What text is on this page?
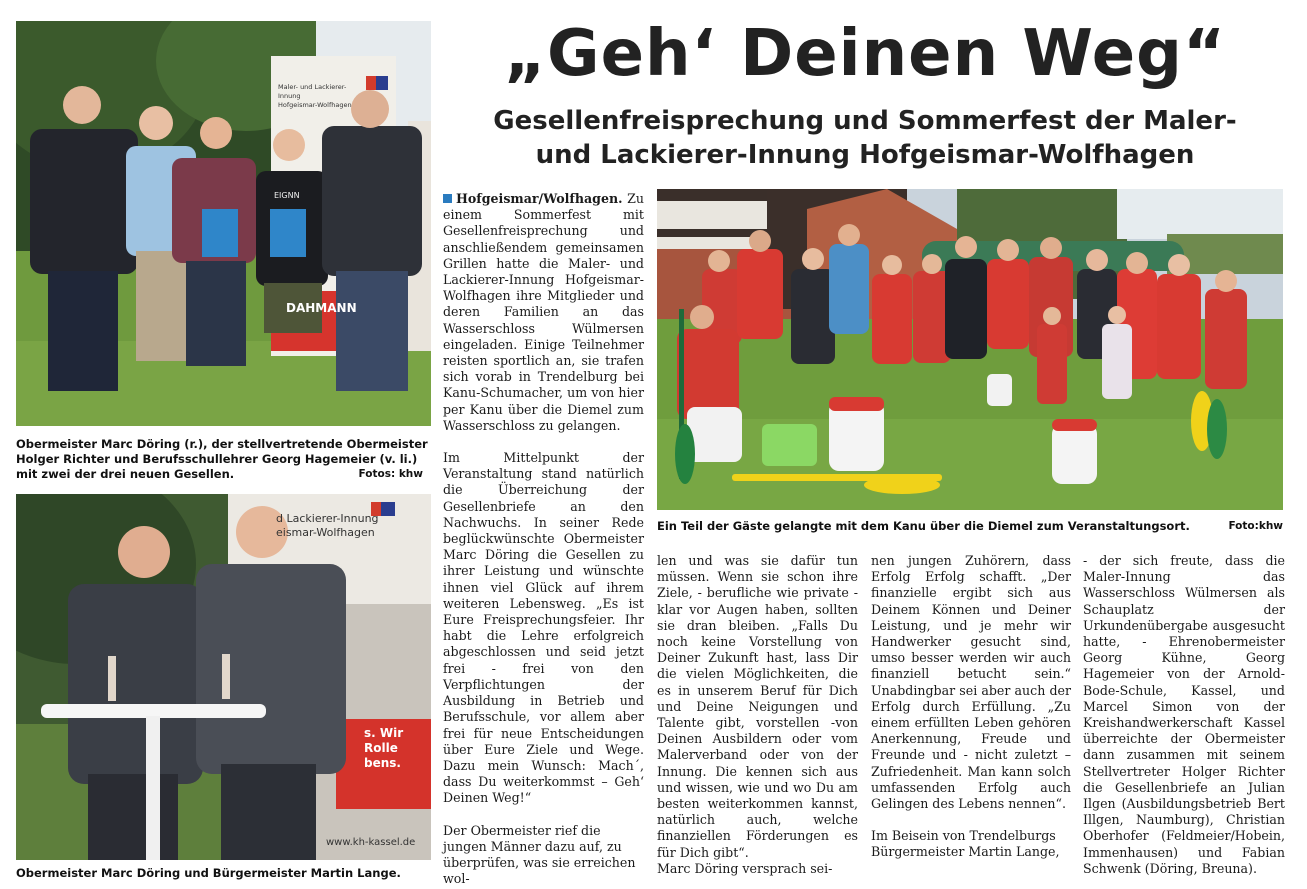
Maler- und Lackierer-Innung
Hofgeismar-Wolfhagen
EIGNN
DAHMANN
Obermeister Marc Döring (r.), der stellvertretende Obermeister
Holger Richter und Berufsschullehrer Georg Hagemeier (v. li.)
mit zwei der drei neuen Gesellen.	Fotos: khw
d Lackierer-Innung
eismar-Wolfhagen
s. Wir
Rolle
bens.
www.kh-kassel.de
Obermeister Marc Döring und Bürgermeister Martin Lange.
„Geh‘ Deinen Weg“
Gesellenfreisprechung und Sommerfest der Maler-
und Lackierer-Innung Hofgeismar-Wolfhagen
Ein Teil der Gäste gelangte mit dem Kanu über die Diemel zum Veranstaltungsort.	Foto:khw

Hofgeismar/Wolfhagen. Zu einem Sommerfest mit Gesellenfreisprechung und anschließendem gemeinsamen Grillen hatte die Maler- und Lackierer-Innung Hofgeismar-Wolfhagen ihre Mitglieder und deren Familien an das Wasserschloss Wülmersen eingeladen. Einige Teilnehmer reisten sportlich an, sie trafen sich vorab in Trendelburg bei Kanu-Schumacher, um von hier per Kanu über die Diemel zum Wasserschloss zu gelangen.

Im Mittelpunkt der Veranstaltung stand natürlich die Überreichung der Gesellenbriefe an den Nachwuchs. In seiner Rede beglückwünschte Obermeister Marc Döring die Gesellen zu ihrer Leistung und wünschte ihnen viel Glück auf ihrem weiteren Lebensweg. „Es ist Eure Freisprechungsfeier. Ihr habt die Lehre erfolgreich abgeschlossen und seid jetzt frei - frei von den Verpflichtungen der Ausbildung in Betrieb und Berufsschule, vor allem aber frei für neue Entscheidungen über Eure Ziele und Wege. Dazu mein Wunsch: Mach´, dass Du weiterkommst – Geh‘ Deinen Weg!“

Der Obermeister rief die jungen Männer dazu auf, zu überprüfen, was sie erreichen wol-

len und was sie dafür tun müssen. Wenn sie schon ihre Ziele, - berufliche wie private - klar vor Augen haben, sollten sie dran bleiben. „Falls Du noch keine Vorstellung von Deiner Zukunft hast, lass Dir die vielen Möglichkeiten, die es in unserem Beruf für Dich und Deine Neigungen und Talente gibt, vorstellen -von Deinen Ausbildern oder vom Malerverband oder von der Innung. Die kennen sich aus und wissen, wie und wo Du am besten weiterkommen kannst, natürlich auch, welche finanziellen Förderungen es für Dich gibt“.

Marc Döring versprach sei-

nen jungen Zuhörern, dass Erfolg Erfolg schafft. „Der finanzielle ergibt sich aus Deinem Können und Deiner Leistung, und je mehr wir Handwerker gesucht sind, umso besser werden wir auch finanziell betucht sein.“ Unabdingbar sei aber auch der Erfolg durch Erfüllung. „Zu einem erfüllten Leben gehören Anerkennung, Freude und Freunde und - nicht zuletzt – Zufriedenheit. Man kann solch umfassenden Erfolg auch Gelingen des Lebens nennen“.

Im Beisein von Trendelburgs Bürgermeister Martin Lange,

- der sich freute, dass die Maler-Innung das Wasserschloss Wülmersen als Schauplatz der Urkundenübergabe ausgesucht hatte, - Ehrenobermeister Georg Kühne, Georg Hagemeier von der Arnold-Bode-Schule, Kassel, und Marcel Simon von der Kreishandwerkerschaft Kassel überreichte der Obermeister dann zusammen mit seinem Stellvertreter Holger Richter die Gesellenbriefe an Julian Ilgen (Ausbildungsbetrieb Bert Illgen, Naumburg), Christian Oberhofer (Feldmeier/Hobein, Immenhausen) und Fabian Schwenk (Döring, Breuna).
